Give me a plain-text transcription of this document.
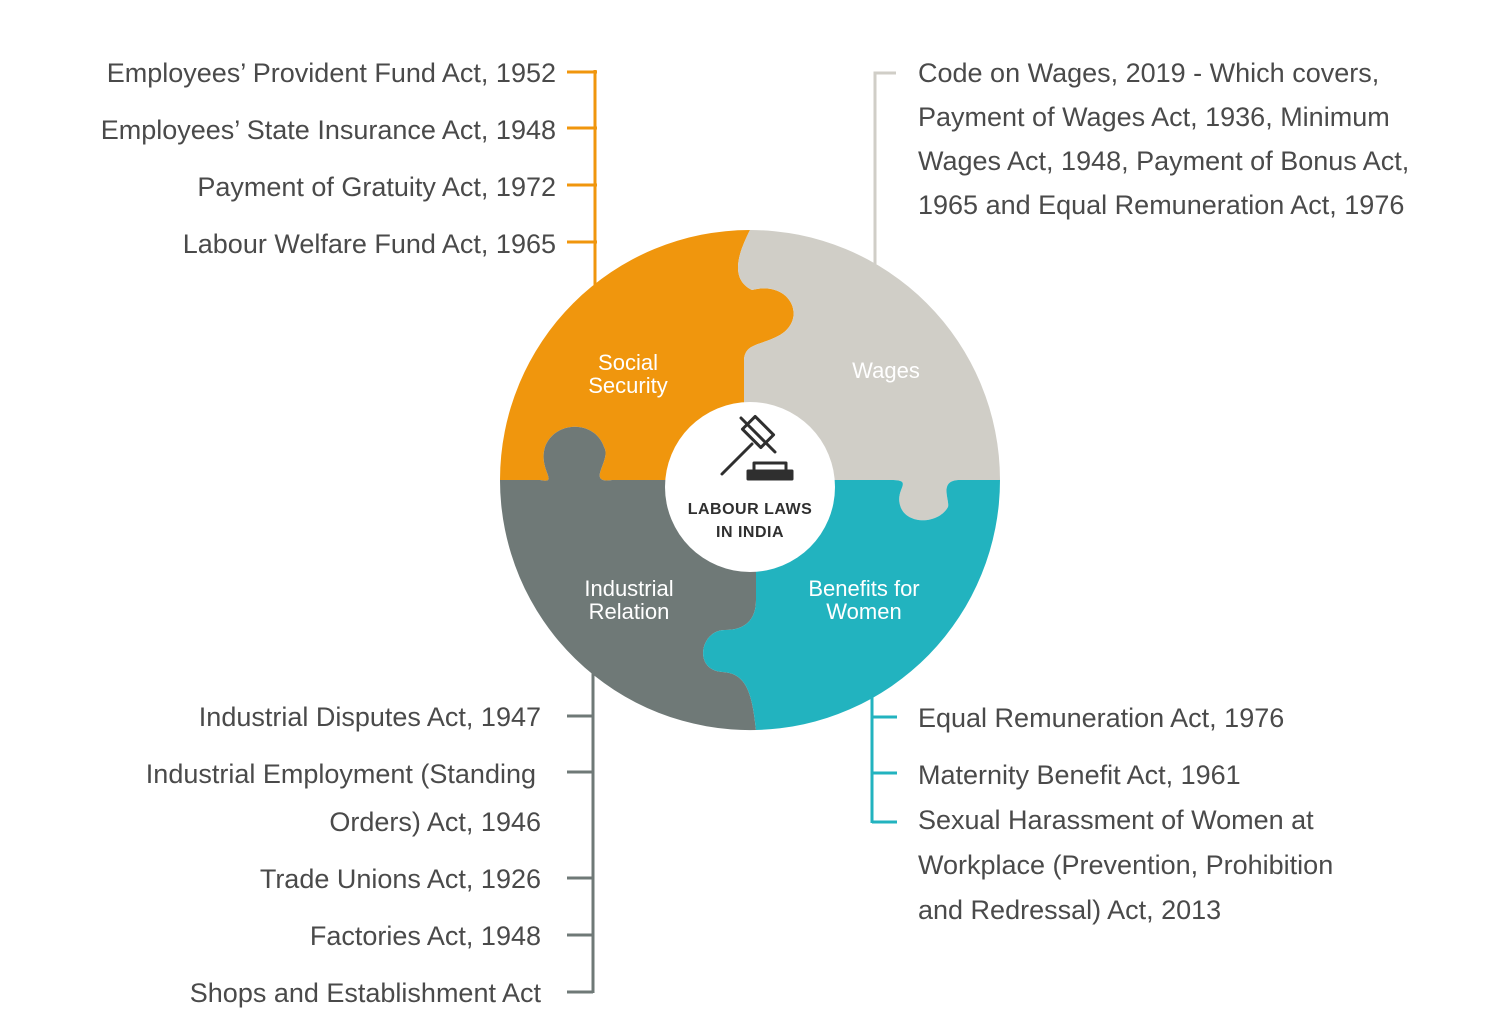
LABOUR LAWS
IN INDIA
Social
Security
Wages
Industrial
Relation
Benefits for
Women
Employees’ Provident Fund Act, 1952
Employees’ State Insurance Act, 1948
Payment of Gratuity Act, 1972
Labour Welfare Fund Act, 1965
Code on Wages, 2019 - Which covers,
Payment of Wages Act, 1936, Minimum
Wages Act, 1948, Payment of Bonus Act,
1965 and Equal Remuneration Act, 1976
Industrial Disputes Act, 1947
Industrial Employment (Standing
Orders) Act, 1946
Trade Unions Act, 1926
Factories Act, 1948
Shops and Establishment Act
Equal Remuneration Act, 1976
Maternity Benefit Act, 1961
Sexual Harassment of Women at
Workplace (Prevention, Prohibition
and Redressal) Act, 2013
